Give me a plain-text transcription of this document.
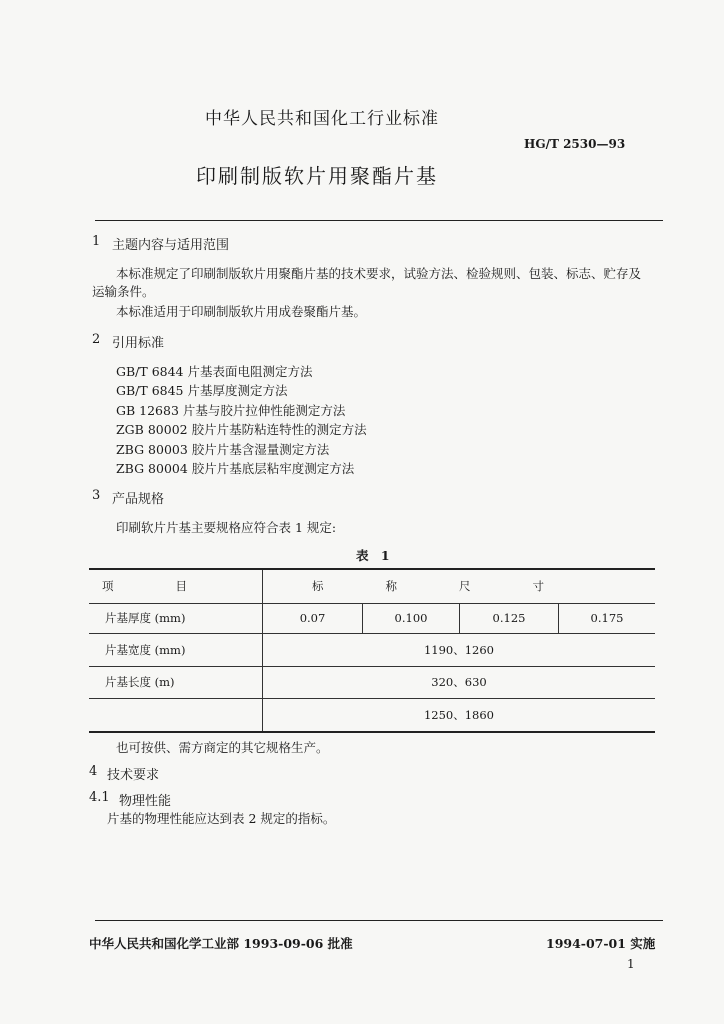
中华人民共和国化工行业标准
HG/T 2530—93
印刷制版软片用聚酯片基
1 主题内容与适用范围
本标准规定了印刷制版软片用聚酯片基的技术要求，试验方法、检验规则、包装、标志、贮存及
运输条件。
本标准适用于印刷制版软片用成卷聚酯片基。
2 引用标准
GB/T 6844 片基表面电阻测定方法
GB/T 6845 片基厚度测定方法
GB 12683 片基与胶片拉伸性能测定方法
ZGB 80002 胶片片基防粘连特性的测定方法
ZBG 80003 胶片片基含湿量测定方法
ZBG 80004 胶片片基底层粘牢度测定方法
3 产品规格
印刷软片片基主要规格应符合表 1 规定:
表 1
项目	标称尺寸			
片基厚度 (mm)	0.07	0.100	0.125	0.175
片基宽度 (mm)	1190、1260			
片基长度 (m)	320、630			
	1250、1860			
也可按供、需方商定的其它规格生产。
4 技术要求
4.1 物理性能
片基的物理性能应达到表 2 规定的指标。
中华人民共和国化学工业部 1993-09-06 批准	1994-07-01 实施
1
